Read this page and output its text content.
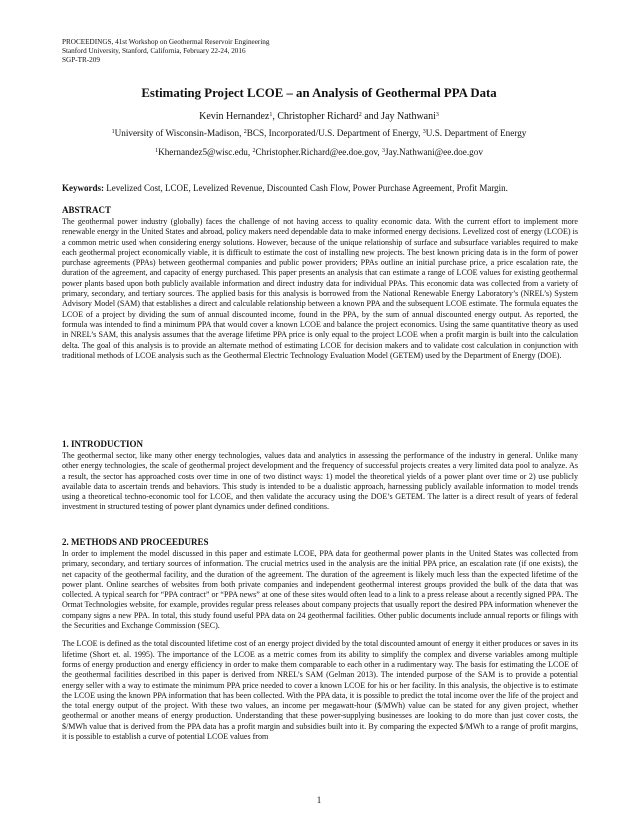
PROCEEDINGS, 41st Workshop on Geothermal Reservoir Engineering
Stanford University, Stanford, California, February 22-24, 2016
SGP-TR-209
Estimating Project LCOE – an Analysis of Geothermal PPA Data
Kevin Hernandez$^1$, Christopher Richard$^2$ and Jay Nathwani$^3$
$^1$University of Wisconsin-Madison, $^2$BCS, Incorporated/U.S. Department of Energy, $^3$U.S. Department of Energy
$^1$Khernandez5@wisc.edu, $^2$Christopher.Richard@ee.doe.gov, $^3$Jay.Nathwani@ee.doe.gov
Keywords: Levelized Cost, LCOE, Levelized Revenue, Discounted Cash Flow, Power Purchase Agreement, Profit Margin.
ABSTRACT

The geothermal power industry (globally) faces the challenge of not having access to quality economic data. With the current effort to implement more renewable energy in the United States and abroad, policy makers need dependable data to make informed energy decisions. Levelized cost of energy (LCOE) is a common metric used when considering energy solutions. However, because of the unique relationship of surface and subsurface variables required to make each geothermal project economically viable, it is difficult to estimate the cost of installing new projects. The best known pricing data is in the form of power purchase agreements (PPAs) between geothermal companies and public power providers; PPAs outline an initial purchase price, a price escalation rate, the duration of the agreement, and capacity of energy purchased. This paper presents an analysis that can estimate a range of LCOE values for existing geothermal power plants based upon both publicly available information and direct industry data for individual PPAs. This economic data was collected from a variety of primary, secondary, and tertiary sources. The applied basis for this analysis is borrowed from the National Renewable Energy Laboratory’s (NREL’s) System Advisory Model (SAM) that establishes a direct and calculable relationship between a known PPA and the subsequent LCOE estimate. The formula equates the LCOE of a project by dividing the sum of annual discounted income, found in the PPA, by the sum of annual discounted energy output. As reported, the formula was intended to find a minimum PPA that would cover a known LCOE and balance the project economics. Using the same quantitative theory as used in NREL’s SAM, this analysis assumes that the average lifetime PPA price is only equal to the project LCOE when a profit margin is built into the calculation delta. The goal of this analysis is to provide an alternate method of estimating LCOE for decision makers and to validate cost calculation in conjunction with traditional methods of LCOE analysis such as the Geothermal Electric Technology Evaluation Model (GETEM) used by the Department of Energy (DOE).

1. INTRODUCTION

The geothermal sector, like many other energy technologies, values data and analytics in assessing the performance of the industry in general. Unlike many other energy technologies, the scale of geothermal project development and the frequency of successful projects creates a very limited data pool to analyze. As a result, the sector has approached costs over time in one of two distinct ways: 1) model the theoretical yields of a power plant over time or 2) use publicly available data to ascertain trends and behaviors. This study is intended to be a dualistic approach, harnessing publicly available information to model trends using a theoretical techno-economic tool for LCOE, and then validate the accuracy using the DOE’s GETEM. The latter is a direct result of years of federal investment in structured testing of power plant dynamics under defined conditions.

2. METHODS AND PROCEEDURES

In order to implement the model discussed in this paper and estimate LCOE, PPA data for geothermal power plants in the United States was collected from primary, secondary, and tertiary sources of information. The crucial metrics used in the analysis are the initial PPA price, an escalation rate (if one exists), the net capacity of the geothermal facility, and the duration of the agreement. The duration of the agreement is likely much less than the expected lifetime of the power plant. Online searches of websites from both private companies and independent geothermal interest groups provided the bulk of the data that was collected. A typical search for “PPA contract” or “PPA news” at one of these sites would often lead to a link to a press release about a recently signed PPA. The Ormat Technologies website, for example, provides regular press releases about company projects that usually report the desired PPA information whenever the company signs a new PPA. In total, this study found useful PPA data on 24 geothermal facilities. Other public documents include annual reports or filings with the Securities and Exchange Commission (SEC).

The LCOE is defined as the total discounted lifetime cost of an energy project divided by the total discounted amount of energy it either produces or saves in its lifetime (Short et. al. 1995). The importance of the LCOE as a metric comes from its ability to simplify the complex and diverse variables among multiple forms of energy production and energy efficiency in order to make them comparable to each other in a rudimentary way. The basis for estimating the LCOE of the geothermal facilities described in this paper is derived from NREL’s SAM (Gelman 2013). The intended purpose of the SAM is to provide a potential energy seller with a way to estimate the minimum PPA price needed to cover a known LCOE for his or her facility. In this analysis, the objective is to estimate the LCOE using the known PPA information that has been collected. With the PPA data, it is possible to predict the total income over the life of the project and the total energy output of the project. With these two values, an income per megawatt-hour ($/MWh) value can be stated for any given project, whether geothermal or another means of energy production. Understanding that these power-supplying businesses are looking to do more than just cover costs, the $/MWh value that is derived from the PPA data has a profit margin and subsidies built into it. By comparing the expected $/MWh to a range of profit margins, it is possible to establish a curve of potential LCOE values from

1
